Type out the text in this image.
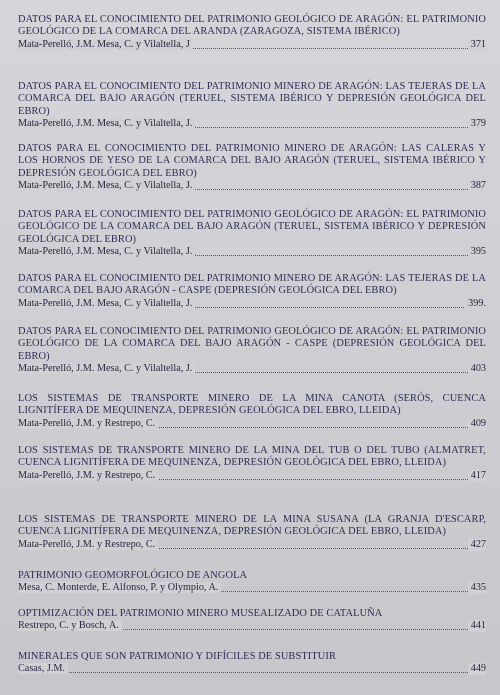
DATOS PARA EL CONOCIMIENTO DEL PATRIMONIO GEOLÓGICO DE ARAGÓN: EL PATRIMONIO GEOLÓGICO DE LA COMARCA DEL ARANDA (ZARAGOZA, SISTEMA IBÉRICO)
Mata-Perelló, J.M. Mesa, C. y Vilaltella, J	371
DATOS PARA EL CONOCIMIENTO DEL PATRIMONIO MINERO DE ARAGÓN: LAS TEJERAS DE LA COMARCA DEL BAJO ARAGÓN (TERUEL, SISTEMA IBÉRICO Y DEPRESIÓN GEOLÓGICA DEL EBRO)
Mata-Perelló, J.M. Mesa, C. y Vilaltella, J.	379
DATOS PARA EL CONOCIMIENTO DEL PATRIMONIO MINERO DE ARAGÓN: LAS CALERAS Y LOS HORNOS DE YESO DE LA COMARCA DEL BAJO ARAGÓN (TERUEL, SISTEMA IBÉRICO Y DEPRESIÓN GEOLÓGICA DEL EBRO)
Mata-Perelló, J.M. Mesa, C. y Vilaltella, J.	387
DATOS PARA EL CONOCIMIENTO DEL PATRIMONIO GEOLÓGICO DE ARAGÓN: EL PATRIMONIO GEOLÓGICO DE LA COMARCA DEL BAJO ARAGÓN (TERUEL, SISTEMA IBÉRICO Y DEPRESIÓN GEOLÓGICA DEL EBRO)
Mata-Perelló, J.M. Mesa, C. y Vilaltella, J.	395
DATOS PARA EL CONOCIMIENTO DEL PATRIMONIO MINERO DE ARAGÓN: LAS TEJERAS DE LA COMARCA DEL BAJO ARAGÓN - CASPE (DEPRESIÓN GEOLÓGICA DEL EBRO)
Mata-Perelló, J.M. Mesa, C. y Vilaltella, J.	399.
DATOS PARA EL CONOCIMIENTO DEL PATRIMONIO GEOLÓGICO DE ARAGÓN: EL PATRIMONIO GEOLÓGICO DE LA COMARCA DEL BAJO ARAGÓN - CASPE (DEPRESIÓN GEOLÓGICA DEL EBRO)
Mata-Perelló, J.M. Mesa, C. y Vilaltella, J.	403
LOS SISTEMAS DE TRANSPORTE MINERO DE LA MINA CANOTA (SERÓS, CUENCA LIGNITÍFERA DE MEQUINENZA, DEPRESIÓN GEOLÓGICA DEL EBRO, LLEIDA)
Mata-Perelló, J.M. y Restrepo, C.	409
LOS SISTEMAS DE TRANSPORTE MINERO DE LA MINA DEL TUB O DEL TUBO (ALMATRET, CUENCA LIGNITÍFERA DE MEQUINENZA, DEPRESIÓN GEOLÓGICA DEL EBRO, LLEIDA)
Mata-Perelló, J.M. y Restrepo, C.	417
LOS SISTEMAS DE TRANSPORTE MINERO DE LA MINA SUSANA (LA GRANJA D'ESCARP, CUENCA LIGNITÍFERA DE MEQUINENZA, DEPRESIÓN GEOLÓGICA DEL EBRO, LLEIDA)
Mata-Perelló, J.M. y Restrepo, C.	427
PATRIMONIO GEOMORFOLÓGICO DE ANGOLA
Mesa, C. Monterde, E. Alfonso, P. y Olympio, A.	435
OPTIMIZACIÓN DEL PATRIMONIO MINERO MUSEALIZADO DE CATALUÑA
Restrepo, C. y Bosch, A.	441
MINERALES QUE SON PATRIMONIO Y DIFÍCILES DE SUBSTITUIR
Casas, J.M.	449
